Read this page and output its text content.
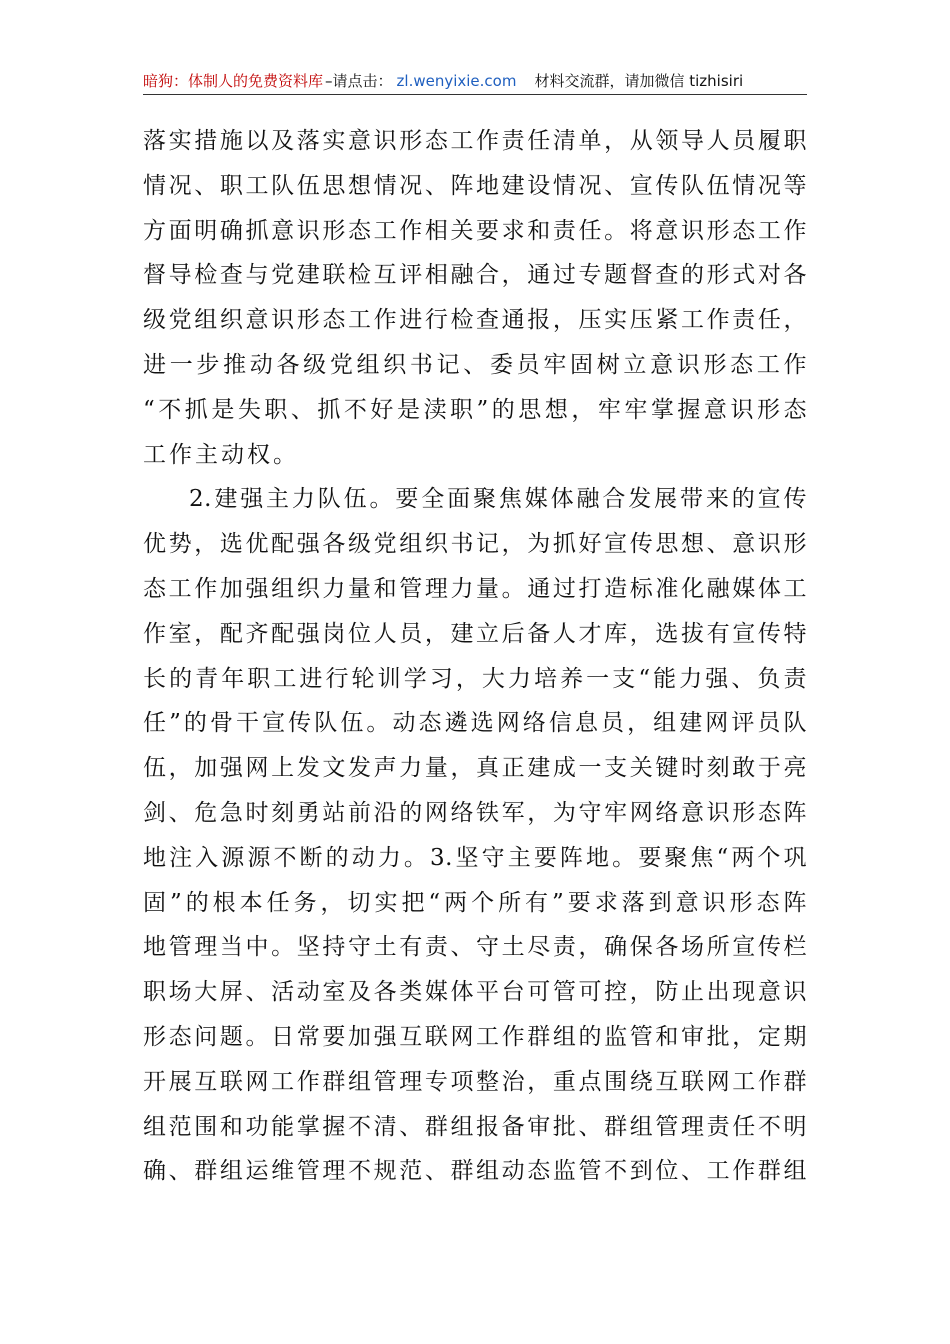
暗狗：体制人的免费资料库 –请点击： zl.wenyixie.com 材料交流群，请加微信 tizhisiri
落实措施以及落实意识形态工作责任清单，从领导人员履职
情况、职工队伍思想情况、阵地建设情况、宣传队伍情况等
方面明确抓意识形态工作相关要求和责任。将意识形态工作
督导检查与党建联检互评相融合，通过专题督查的形式对各
级党组织意识形态工作进行检查通报，压实压紧工作责任，
进一步推动各级党组织书记、委员牢固树立意识形态工作
“不抓是失职、抓不好是渎职”的思想，牢牢掌握意识形态
工作主动权。
2.建强主力队伍。要全面聚焦媒体融合发展带来的宣传
优势，选优配强各级党组织书记，为抓好宣传思想、意识形
态工作加强组织力量和管理力量。通过打造标准化融媒体工
作室，配齐配强岗位人员，建立后备人才库，选拔有宣传特
长的青年职工进行轮训学习，大力培养一支“能力强、负责
任”的骨干宣传队伍。动态遴选网络信息员，组建网评员队
伍，加强网上发文发声力量，真正建成一支关键时刻敢于亮
剑、危急时刻勇站前沿的网络铁军，为守牢网络意识形态阵
地注入源源不断的动力。3.坚守主要阵地。要聚焦“两个巩
固”的根本任务，切实把“两个所有”要求落到意识形态阵
地管理当中。坚持守土有责、守土尽责，确保各场所宣传栏
职场大屏、活动室及各类媒体平台可管可控，防止出现意识
形态问题。日常要加强互联网工作群组的监管和审批，定期
开展互联网工作群组管理专项整治，重点围绕互联网工作群
组范围和功能掌握不清、群组报备审批、群组管理责任不明
确、群组运维管理不规范、群组动态监管不到位、工作群组
